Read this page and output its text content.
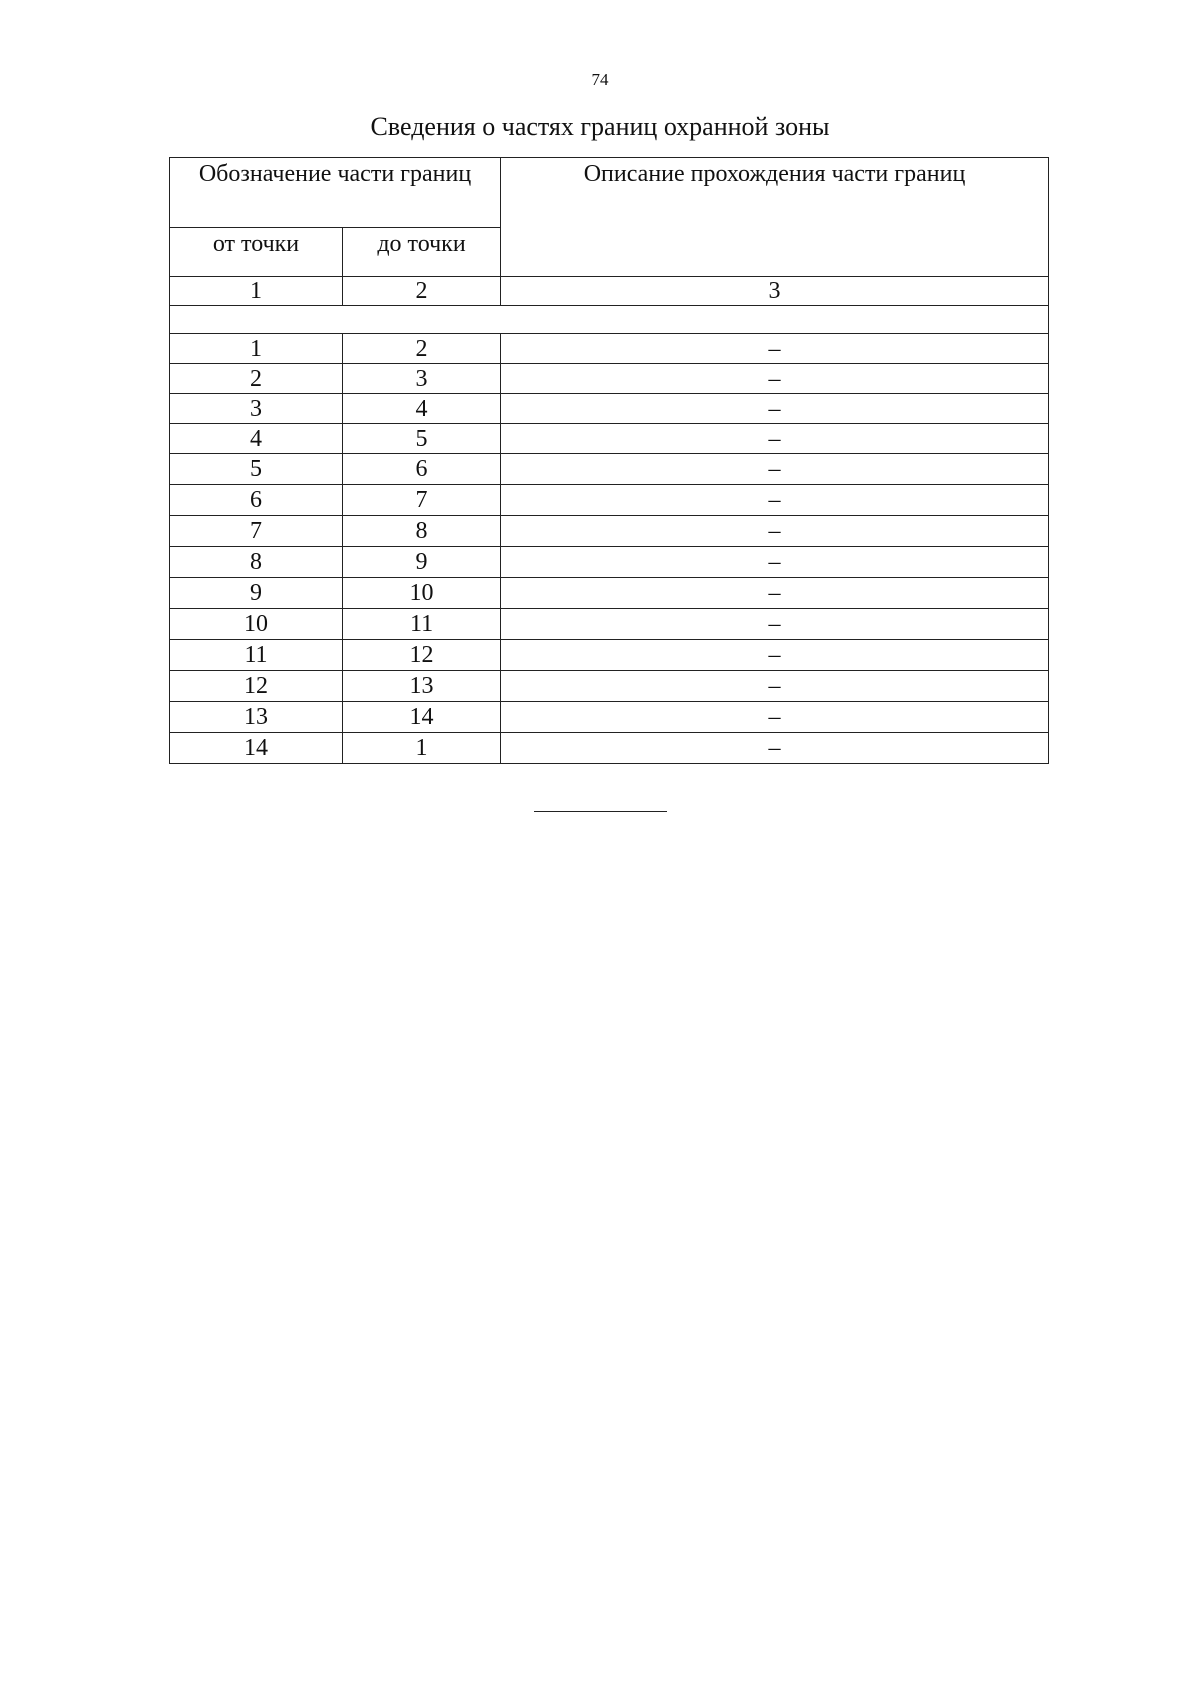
74
Сведения о частях границ охранной зоны
Обозначение части границ		Описание прохождения части границ
от точки	до точки	
1	2	3

1	2	–
2	3	–
3	4	–
4	5	–
5	6	–
6	7	–
7	8	–
8	9	–
9	10	–
10	11	–
11	12	–
12	13	–
13	14	–
14	1	–
